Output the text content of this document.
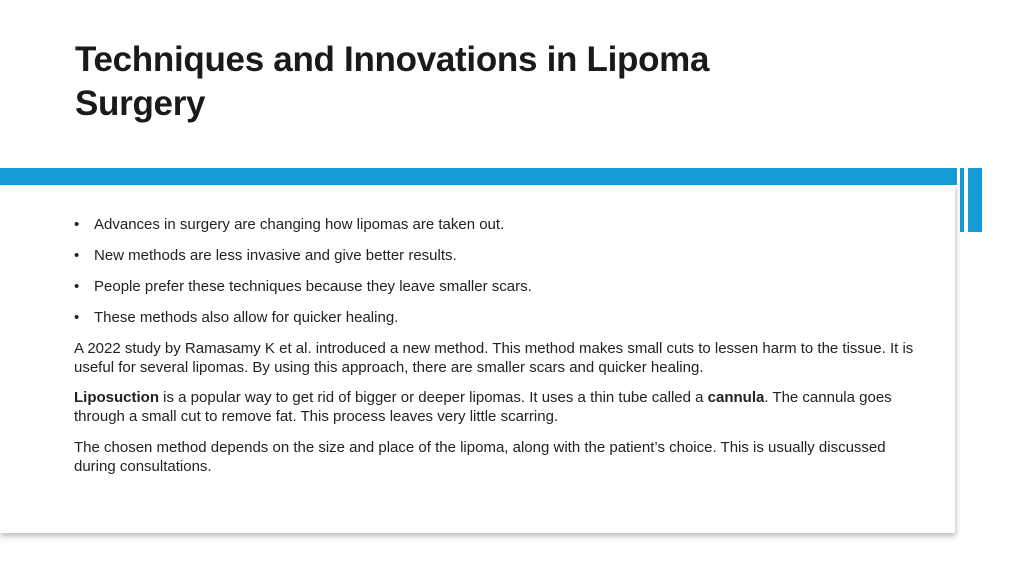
Techniques and Innovations in Lipoma
Surgery
• Advances in surgery are changing how lipomas are taken out.
• New methods are less invasive and give better results.
• People prefer these techniques because they leave smaller scars.
• These methods also allow for quicker healing.

A 2022 study by Ramasamy K et al. introduced a new method. This method makes small cuts to lessen harm to the tissue. It is useful for several lipomas. By using this approach, there are smaller scars and quicker healing.

Liposuction is a popular way to get rid of bigger or deeper lipomas. It uses a thin tube called a cannula. The cannula goes through a small cut to remove fat. This process leaves very little scarring.

The chosen method depends on the size and place of the lipoma, along with the patient’s choice. This is usually discussed during consultations.
